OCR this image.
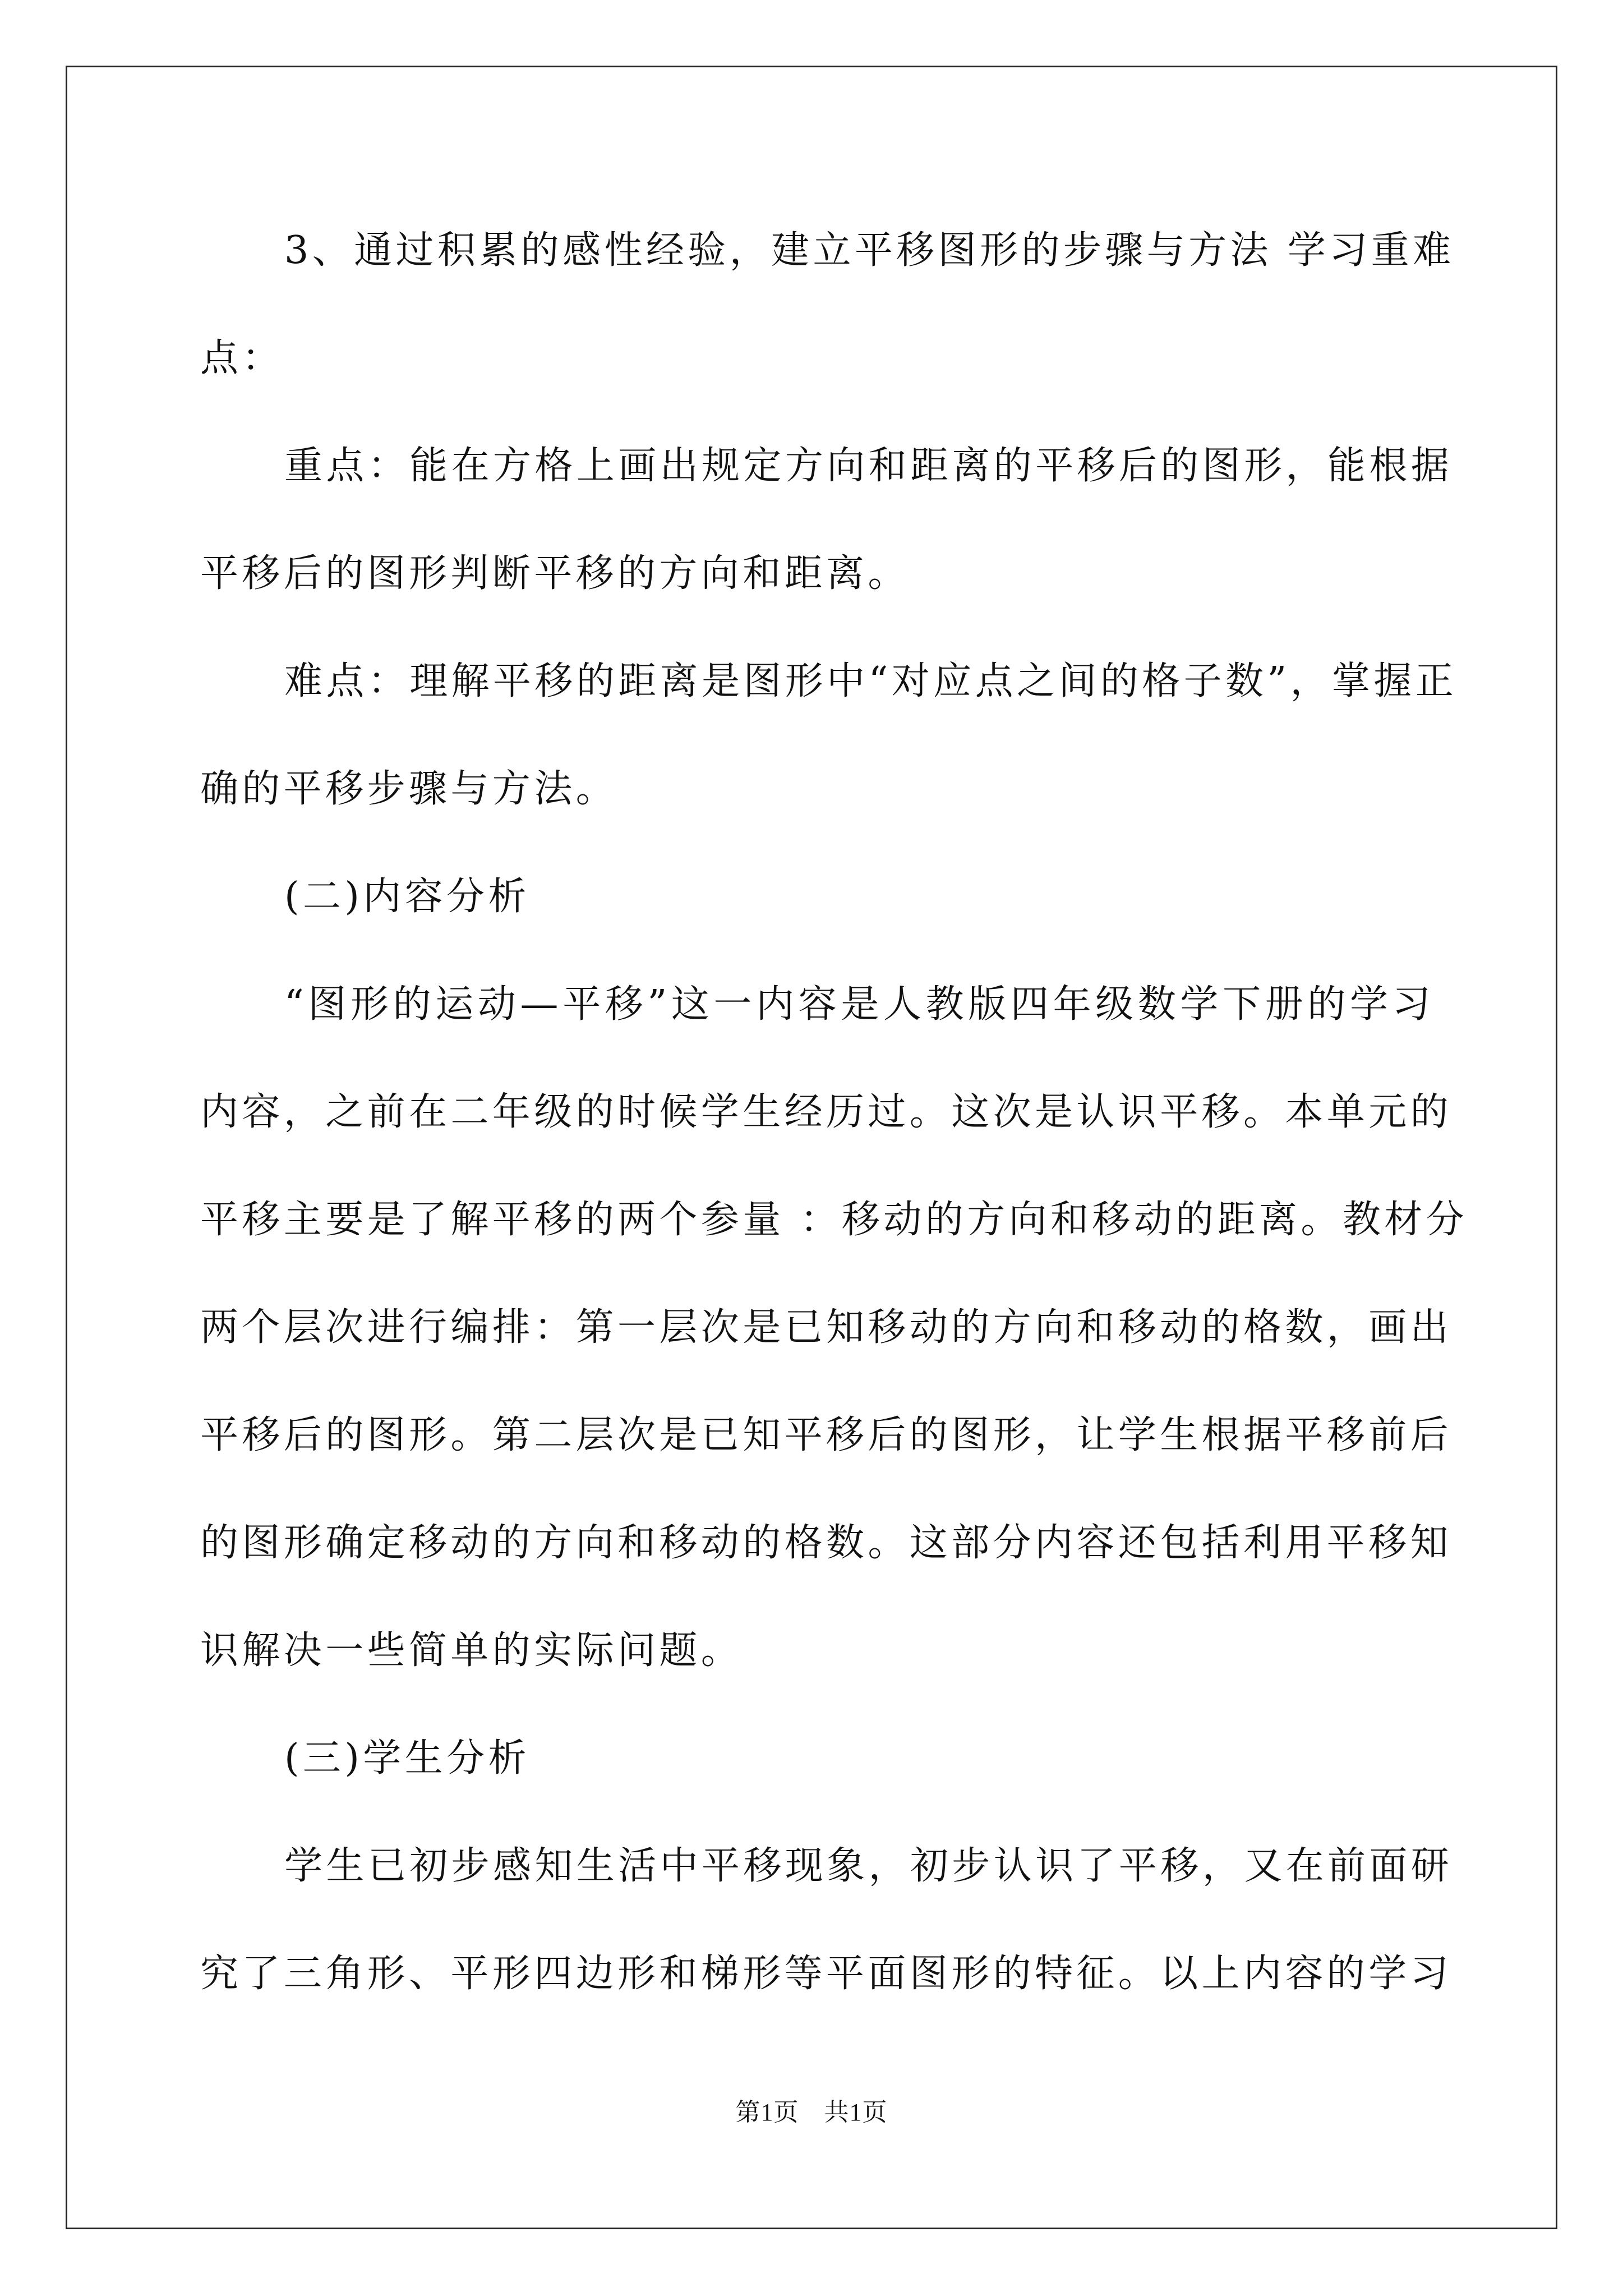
3、通过积累的感性经验，建立平移图形的步骤与方法 学习重难
点：
重点：能在方格上画出规定方向和距离的平移后的图形，能根据
平移后的图形判断平移的方向和距离。
难点：理解平移的距离是图形中“对应点之间的格子数”，掌握正
确的平移步骤与方法。
(二)内容分析
“图形的运动—平移”这一内容是人教版四年级数学下册的学习
内容，之前在二年级的时候学生经历过。这次是认识平移。本单元的
平移主要是了解平移的两个参量 ：移动的方向和移动的距离。教材分
两个层次进行编排：第一层次是已知移动的方向和移动的格数，画出
平移后的图形。第二层次是已知平移后的图形，让学生根据平移前后
的图形确定移动的方向和移动的格数。这部分内容还包括利用平移知
识解决一些简单的实际问题。
(三)学生分析
学生已初步感知生活中平移现象，初步认识了平移，又在前面研
究了三角形、平形四边形和梯形等平面图形的特征。以上内容的学习
第1页　共1页
